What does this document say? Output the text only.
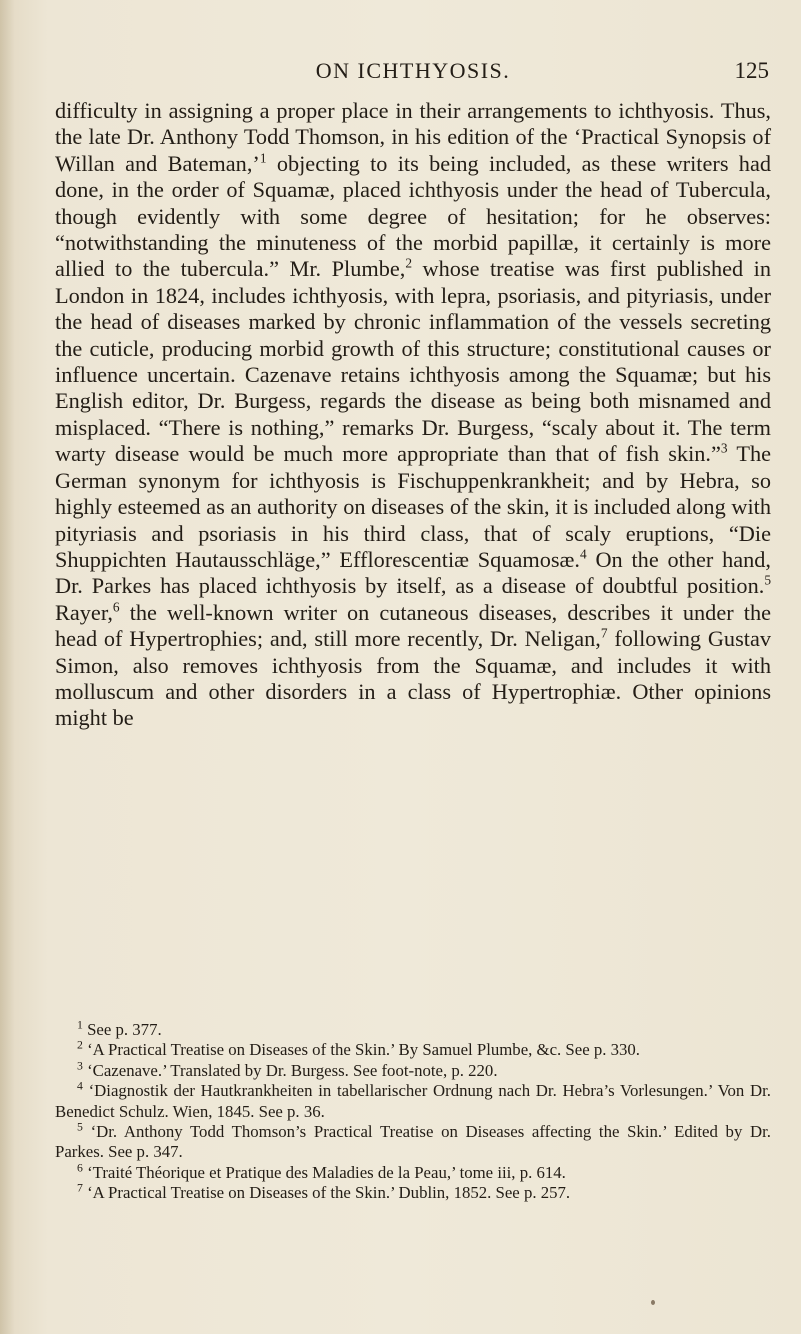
ON ICHTHYOSIS.	125

difficulty in assigning a proper place in their arrangements to ichthyosis. Thus, the late Dr. Anthony Todd Thomson, in his edition of the ‘Practical Synopsis of Willan and Bateman,’$^1$ objecting to its being included, as these writers had done, in the order of Squamæ, placed ichthyosis under the head of Tubercula, though evidently with some degree of hesitation; for he observes: “notwithstanding the minuteness of the morbid papillæ, it certainly is more allied to the tubercula.” Mr. Plumbe,$^2$ whose treatise was first published in London in 1824, includes ichthyosis, with lepra, psoriasis, and pityriasis, under the head of diseases marked by chronic inflammation of the vessels secreting the cuticle, producing morbid growth of this structure; constitutional causes or influence uncertain. Cazenave retains ichthyosis among the Squamæ; but his English editor, Dr. Burgess, regards the disease as being both misnamed and misplaced. “There is nothing,” remarks Dr. Burgess, “scaly about it. The term warty disease would be much more appropriate than that of fish skin.”$^3$ The German synonym for ichthyosis is Fischuppenkrankheit; and by Hebra, so highly esteemed as an authority on diseases of the skin, it is included along with pityriasis and psoriasis in his third class, that of scaly eruptions, “Die Shuppichten Hautausschläge,” Efflorescentiæ Squamosæ.$^4$ On the other hand, Dr. Parkes has placed ichthyosis by itself, as a disease of doubtful position.$^5$ Rayer,$^6$ the well-known writer on cutaneous diseases, describes it under the head of Hypertrophies; and, still more recently, Dr. Neligan,$^7$ following Gustav Simon, also removes ichthyosis from the Squamæ, and includes it with molluscum and other disorders in a class of Hypertrophiæ. Other opinions might be

$^1$ See p. 377.

$^2$ ‘A Practical Treatise on Diseases of the Skin.’ By Samuel Plumbe, &c. See p. 330.

$^3$ ‘Cazenave.’ Translated by Dr. Burgess. See foot-note, p. 220.

$^4$ ‘Diagnostik der Hautkrankheiten in tabellarischer Ordnung nach Dr. Hebra’s Vorlesungen.’ Von Dr. Benedict Schulz. Wien, 1845. See p. 36.

$^5$ ‘Dr. Anthony Todd Thomson’s Practical Treatise on Diseases affecting the Skin.’ Edited by Dr. Parkes. See p. 347.

$^6$ ‘Traité Théorique et Pratique des Maladies de la Peau,’ tome iii, p. 614.

$^7$ ‘A Practical Treatise on Diseases of the Skin.’ Dublin, 1852. See p. 257.
